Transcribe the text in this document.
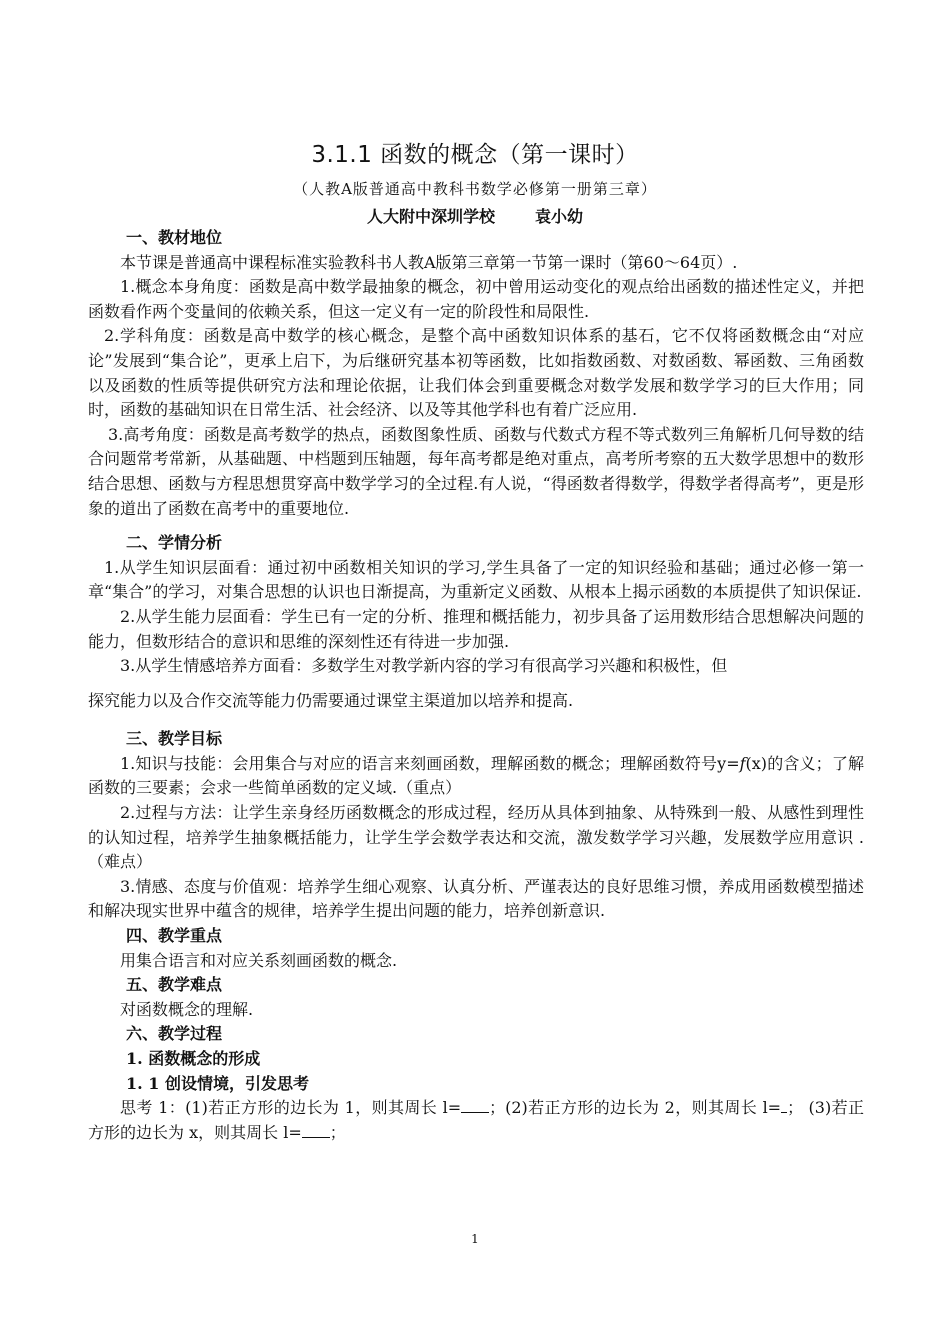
3.1.1 函数的概念（第一课时）
（人教A版普通高中教科书数学必修第一册第三章）
人大附中深圳学校	袁小幼

一、教材地位

本节课是普通高中课程标准实验教科书人教A版第三章第一节第一课时（第60～64页）.

1.概念本身角度：函数是高中数学最抽象的概念，初中曾用运动变化的观点给出函数的描述性定义，并把函数看作两个变量间的依赖关系，但这一定义有一定的阶段性和局限性.

2.学科角度：函数是高中数学的核心概念，是整个高中函数知识体系的基石，它不仅将函数概念由“对应论”发展到“集合论”，更承上启下，为后继研究基本初等函数，比如指数函数、对数函数、幂函数、三角函数以及函数的性质等提供研究方法和理论依据，让我们体会到重要概念对数学发展和数学学习的巨大作用；同时，函数的基础知识在日常生活、社会经济、以及等其他学科也有着广泛应用.

3.高考角度：函数是高考数学的热点，函数图象性质、函数与代数式方程不等式数列三角解析几何导数的结合问题常考常新，从基础题、中档题到压轴题，每年高考都是绝对重点，高考所考察的五大数学思想中的数形结合思想、函数与方程思想贯穿高中数学学习的全过程.有人说，“得函数者得数学，得数学者得高考”，更是形象的道出了函数在高考中的重要地位.

二、学情分析

1.从学生知识层面看：通过初中函数相关知识的学习,学生具备了一定的知识经验和基础；通过必修一第一章“集合”的学习，对集合思想的认识也日渐提高，为重新定义函数、从根本上揭示函数的本质提供了知识保证.

2.从学生能力层面看：学生已有一定的分析、推理和概括能力，初步具备了运用数形结合思想解决问题的能力，但数形结合的意识和思维的深刻性还有待进一步加强.

3.从学生情感培养方面看：多数学生对教学新内容的学习有很高学习兴趣和积极性，但

探究能力以及合作交流等能力仍需要通过课堂主渠道加以培养和提高.

三、教学目标

1.知识与技能：会用集合与对应的语言来刻画函数，理解函数的概念；理解函数符号y=f(x)的含义；了解函数的三要素；会求一些简单函数的定义域.（重点）

2.过程与方法：让学生亲身经历函数概念的形成过程，经历从具体到抽象、从特殊到一般、从感性到理性的认知过程，培养学生抽象概括能力，让学生学会数学表达和交流，激发数学学习兴趣，发展数学应用意识 .（难点）

3.情感、态度与价值观：培养学生细心观察、认真分析、严谨表达的良好思维习惯，养成用函数模型描述和解决现实世界中蕴含的规律，培养学生提出问题的能力，培养创新意识.

四、教学重点

用集合语言和对应关系刻画函数的概念.

五、教学难点

对函数概念的理解.

六、教学过程

1. 函数概念的形成

1. 1 创设情境，引发思考

思考 1：(1)若正方形的边长为 1，则其周长 l= ；(2)若正方形的边长为 2，则其周长 l= ； (3)若正方形的边长为 x，则其周长 l= ；

1
